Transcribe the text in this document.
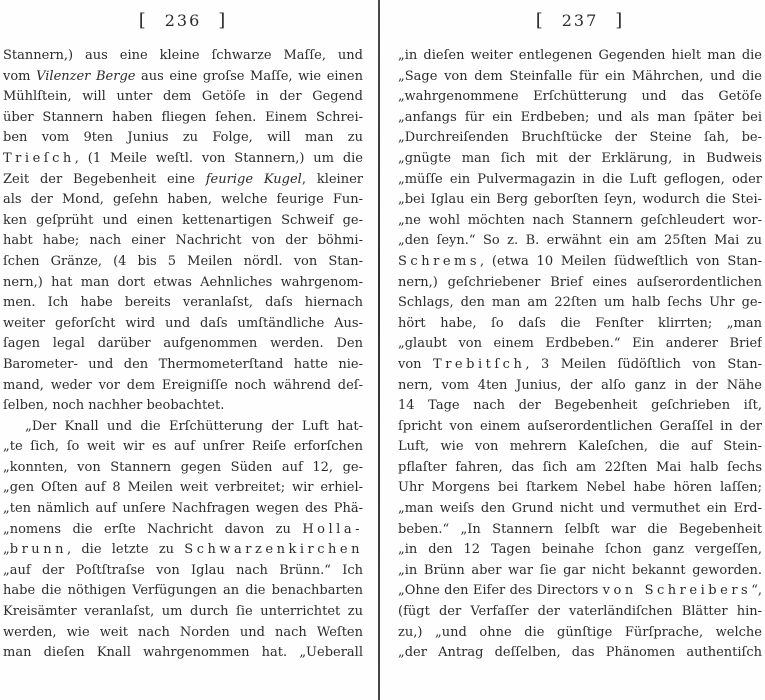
[ 236 ]
Stannern,) aus eine kleine ſchwarze Maſſe, und
vom Vilenzer Berge aus eine groſse Maſſe, wie einen
Mühlſtein, will unter dem Getöſe in der Gegend
über Stannern haben fliegen ſehen. Einem Schrei-
ben vom 9ten Junius zu Folge, will man zu
Trieſch, (1 Meile weſtl. von Stannern,) um die
Zeit der Begebenheit eine feurige Kugel, kleiner
als der Mond, geſehn haben, welche feurige Fun-
ken geſprüht und einen kettenartigen Schweif ge-
habt habe; nach einer Nachricht von der böhmi-
ſchen Gränze, (4 bis 5 Meilen nördl. von Stan-
nern,) hat man dort etwas Aehnliches wahrgenom-
men. Ich habe bereits veranlaſst, daſs hiernach
weiter geforſcht wird und daſs umſtändliche Aus-
ſagen legal darüber aufgenommen werden. Den
Barometer- und den Thermometerſtand hatte nie-
mand, weder vor dem Ereigniſſe noch während deſ-
ſelben, noch nachher beobachtet.
„Der Knall und die Erſchütterung der Luft hat-
„te ſich, ſo weit wir es auf unſrer Reiſe erforſchen
„konnten, von Stannern gegen Süden auf 12, ge-
„gen Oſten auf 8 Meilen weit verbreitet; wir erhiel-
„ten nämlich auf unſere Nachfragen wegen des Phä-
„nomens die erſte Nachricht davon zu Holla-
„brunn, die letzte zu Schwarzenkirchen
„auf der Poſtſtraſse von Iglau nach Brünn.“ Ich
habe die nöthigen Verfügungen an die benachbarten
Kreisämter veranlaſst, um durch ſie unterrichtet zu
werden, wie weit nach Norden und nach Weſten
man dieſen Knall wahrgenommen hat. „Ueberall
[ 237 ]
„in dieſen weiter entlegenen Gegenden hielt man die
„Sage von dem Steinfalle für ein Mährchen, und die
„wahrgenommene Erſchütterung und das Getöſe
„anfangs für ein Erdbeben; und als man ſpäter bei
„Durchreiſenden Bruchſtücke der Steine ſah, be-
„gnügte man ſich mit der Erklärung, in Budweis
„müſſe ein Pulvermagazin in die Luft geflogen, oder
„bei Iglau ein Berg geborſten ſeyn, wodurch die Stei-
„ne wohl möchten nach Stannern geſchleudert wor-
„den ſeyn.“ So z. B. erwähnt ein am 25ſten Mai zu
Schrems, (etwa 10 Meilen ſüdweſtlich von Stan-
nern,) geſchriebener Brief eines auſserordentlichen
Schlags, den man am 22ſten um halb ſechs Uhr ge-
hört habe, ſo daſs die Fenſter klirrten; „man
„glaubt von einem Erdbeben.“ Ein anderer Brief
von Trebitſch, 3 Meilen ſüdöſtlich von Stan-
nern, vom 4ten Junius, der alſo ganz in der Nähe
14 Tage nach der Begebenheit geſchrieben iſt,
ſpricht von einem auſserordentlichen Geraſſel in der
Luft, wie von mehrern Kaleſchen, die auf Stein-
pflaſter fahren, das ſich am 22ſten Mai halb ſechs
Uhr Morgens bei ſtarkem Nebel habe hören laſſen;
„man weiſs den Grund nicht und vermuthet ein Erd-
beben.“ „In Stannern ſelbſt war die Begebenheit
„in den 12 Tagen beinahe ſchon ganz vergeſſen,
„in Brünn aber war ſie gar nicht bekannt geworden.
„Ohne den Eifer des Directors von Schreibers“,
(fügt der Verfaſſer der vaterländiſchen Blätter hin-
zu,) „und ohne die günſtige Fürſprache, welche
„der Antrag deſſelben, das Phänomen authentiſch
